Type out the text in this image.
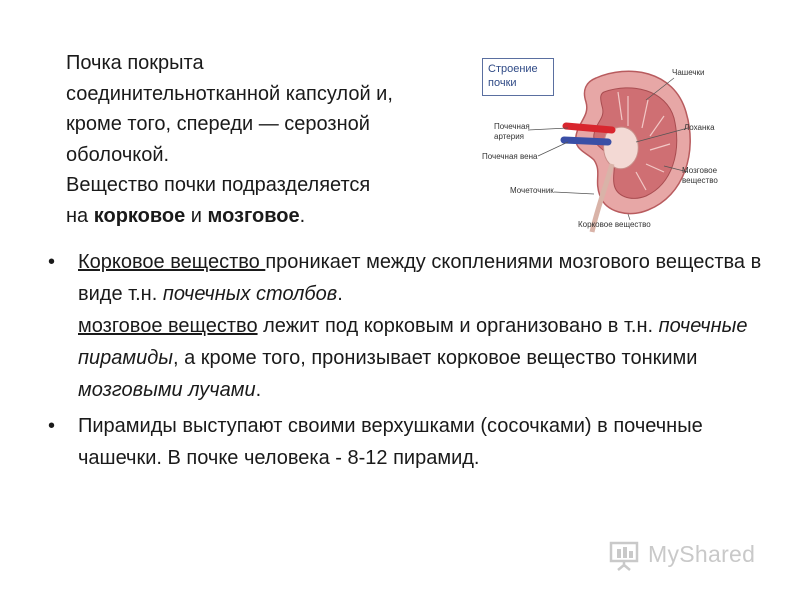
Почка покрыта

соединительнотканной капсулой и,

кроме того, спереди — серозной

оболочкой.

Вещество почки подразделяется

на корковое и мозговое.

Строение
почки
Чашечки
Почечная
артерия
Лоханка
Почечная вена
Мозговое
вещество
Мочеточник
Корковое вещество
• Корковое вещество проникает между скоплениями мозгового вещества в виде т.н. почечных столбов.
мозговое вещество лежит под корковым и организовано в т.н. почечные пирамиды, а кроме того, пронизывает корковое вещество тонкими мозговыми лучами.
• Пирамиды выступают своими верхушками (сосочками) в почечные чашечки. В почке человека - 8-12 пирамид.
MyShared
